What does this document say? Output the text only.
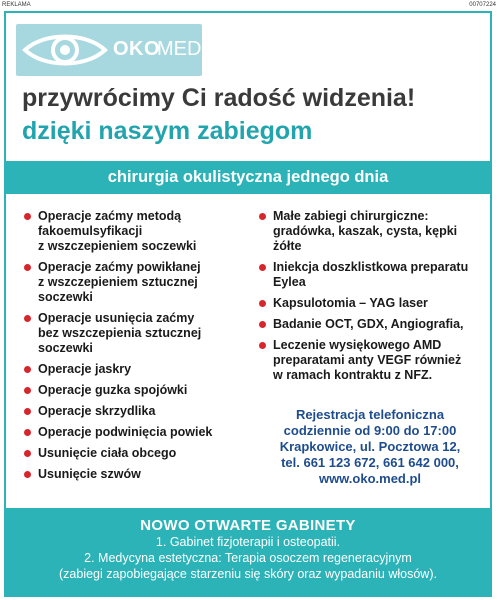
REKLAMA	00707224
OKO
MED
przywrócimy Ci radość widzenia!
dzięki naszym zabiegom
chirurgia okulistyczna jednego dnia
Operacje zaćmy metodą
fakoemulsyfikacji
z wszczepieniem soczewki
Operacje zaćmy powikłanej
z wszczepieniem sztucznej
soczewki
Operacje usunięcia zaćmy
bez wszczepienia sztucznej
soczewki
Operacje jaskry
Operacje guzka spojówki
Operacje skrzydlika
Operacje podwinięcia powiek
Usunięcie ciała obcego
Usunięcie szwów
Małe zabiegi chirurgiczne:
gradówka, kaszak, cysta, kępki
żółte
Iniekcja doszklistkowa preparatu
Eylea
Kapsulotomia – YAG laser
Badanie OCT, GDX, Angiografia,
Leczenie wysiękowego AMD
preparatami anty VEGF również
w ramach kontraktu z NFZ.
Rejestracja telefoniczna
codziennie od 9:00 do 17:00
Krapkowice, ul. Pocztowa 12,
tel. 661 123 672, 661 642 000,
www.oko.med.pl
NOWO OTWARTE GABINETY
1. Gabinet fizjoterapii i osteopatii.
2. Medycyna estetyczna: Terapia osoczem regeneracyjnym
(zabiegi zapobiegające starzeniu się skóry oraz wypadaniu włosów).
